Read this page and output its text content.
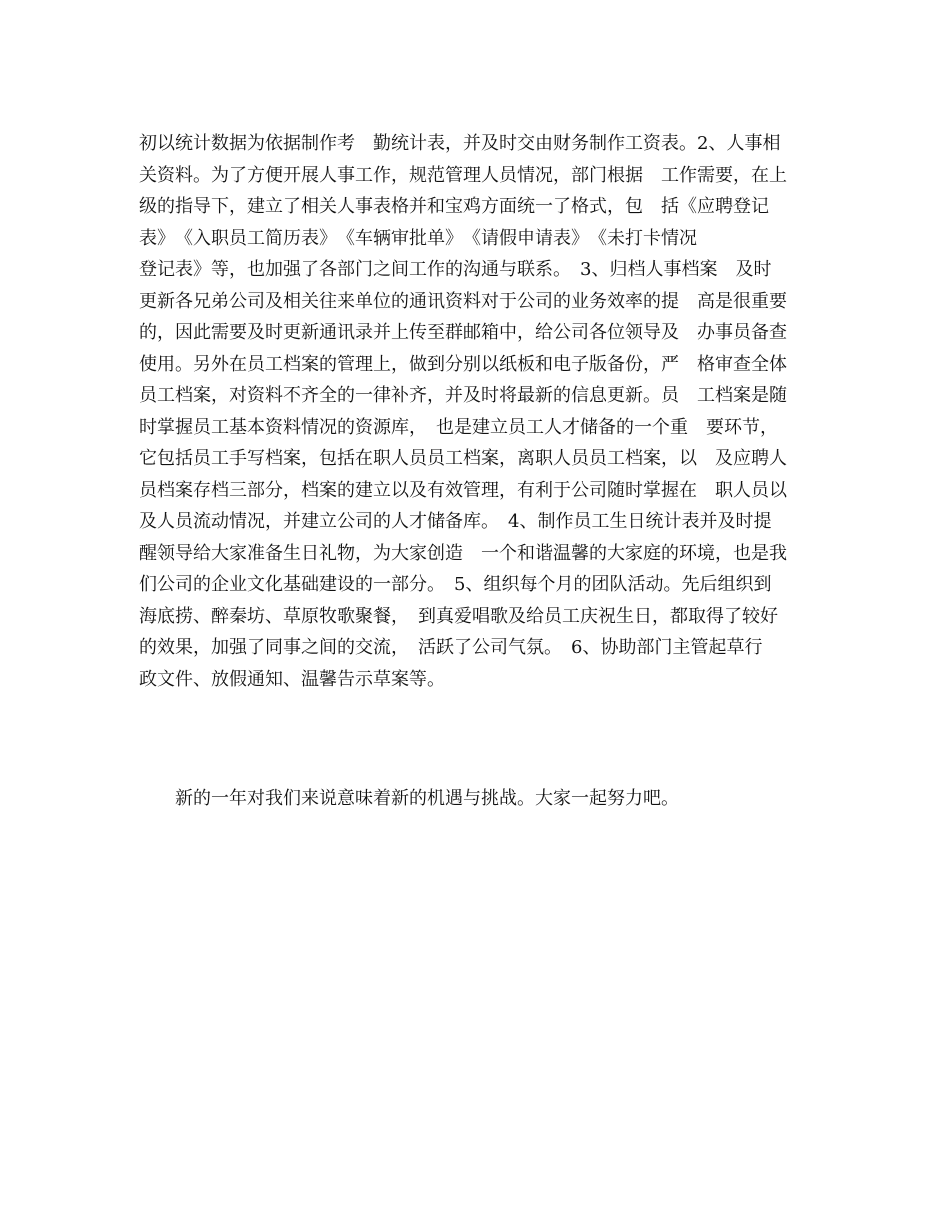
初以统计数据为依据制作考　勤统计表，并及时交由财务制作工资表。2、人事相
关资料。为了方便开展人事工作，规范管理人员情况，部门根据　工作需要，在上
级的指导下，建立了相关人事表格并和宝鸡方面统一了格式，包　括《应聘登记
表》　《入职员工简历表》　《车辆审批单》　《请假申请表》　《未打卡情况
登记表》等，也加强了各部门之间工作的沟通与联系。　3、归档人事档案　及时
更新各兄弟公司及相关往来单位的通讯资料对于公司的业务效率的提　高是很重要
的，因此需要及时更新通讯录并上传至群邮箱中，给公司各位领导及　办事员备查
使用。另外在员工档案的管理上，做到分别以纸板和电子版备份，严　格审查全体
员工档案，对资料不齐全的一律补齐，并及时将最新的信息更新。员　工档案是随
时掌握员工基本资料情况的资源库，　也是建立员工人才储备的一个重　要环节，
它包括员工手写档案，包括在职人员员工档案，离职人员员工档案，以　及应聘人
员档案存档三部分，档案的建立以及有效管理，有利于公司随时掌握在　职人员以
及人员流动情况，并建立公司的人才储备库。　4、制作员工生日统计表并及时提
醒领导给大家准备生日礼物，为大家创造　一个和谐温馨的大家庭的环境，也是我
们公司的企业文化基础建设的一部分。　5、组织每个月的团队活动。先后组织到
海底捞、醉秦坊、草原牧歌聚餐，　到真爱唱歌及给员工庆祝生日，都取得了较好
的效果，加强了同事之间的交流，　活跃了公司气氛。　6、协助部门主管起草行
政文件、放假通知、温馨告示草案等。
新的一年对我们来说意味着新的机遇与挑战。大家一起努力吧。
